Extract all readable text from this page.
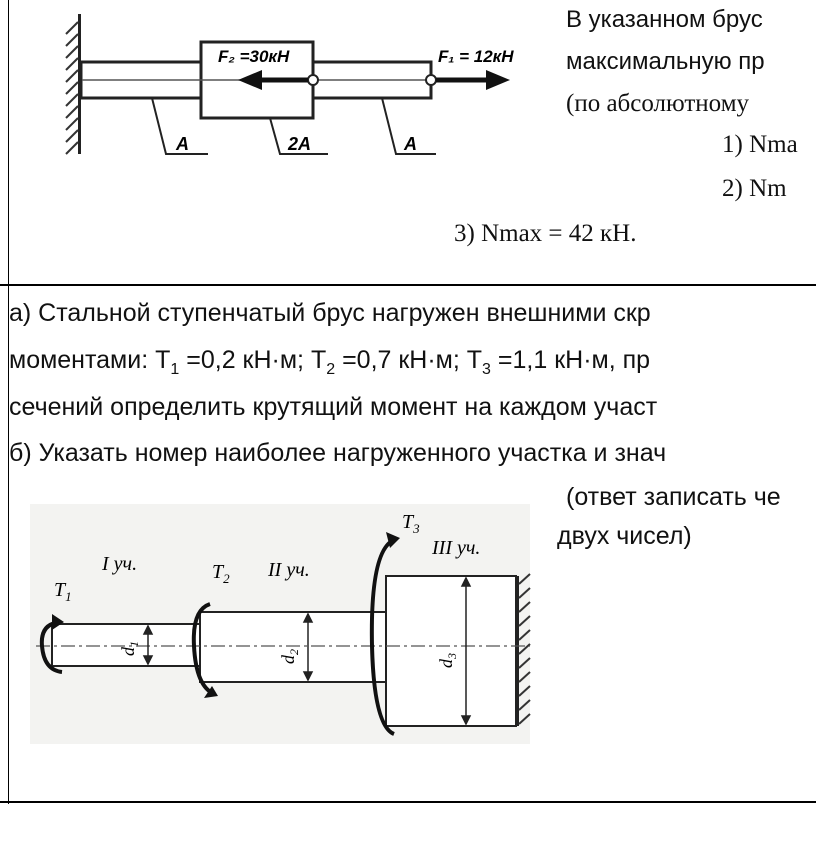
F₂ =30кН	F₁ = 12кН
A	2A	A
В указанном брус
максимальную пр
(по абсолютному
1) Nma
2) Nm
3) Nmax = 42 кН.
а) Стальной ступенчатый брус нагружен внешними скр
моментами: $T_1 =0,2$ кН·м; $T_2 =0,7$ кН·м; $T_3 =1,1$ кН·м, пр
сечений определить крутящий момент на каждом участ
б) Указать номер наиболее нагруженного участка и знач
(ответ записать че
двух чисел)
$d_1$
$d_2$
$d_3$
$T_1$
$T_2$
$T_3$
I уч.	II уч.
III уч.
